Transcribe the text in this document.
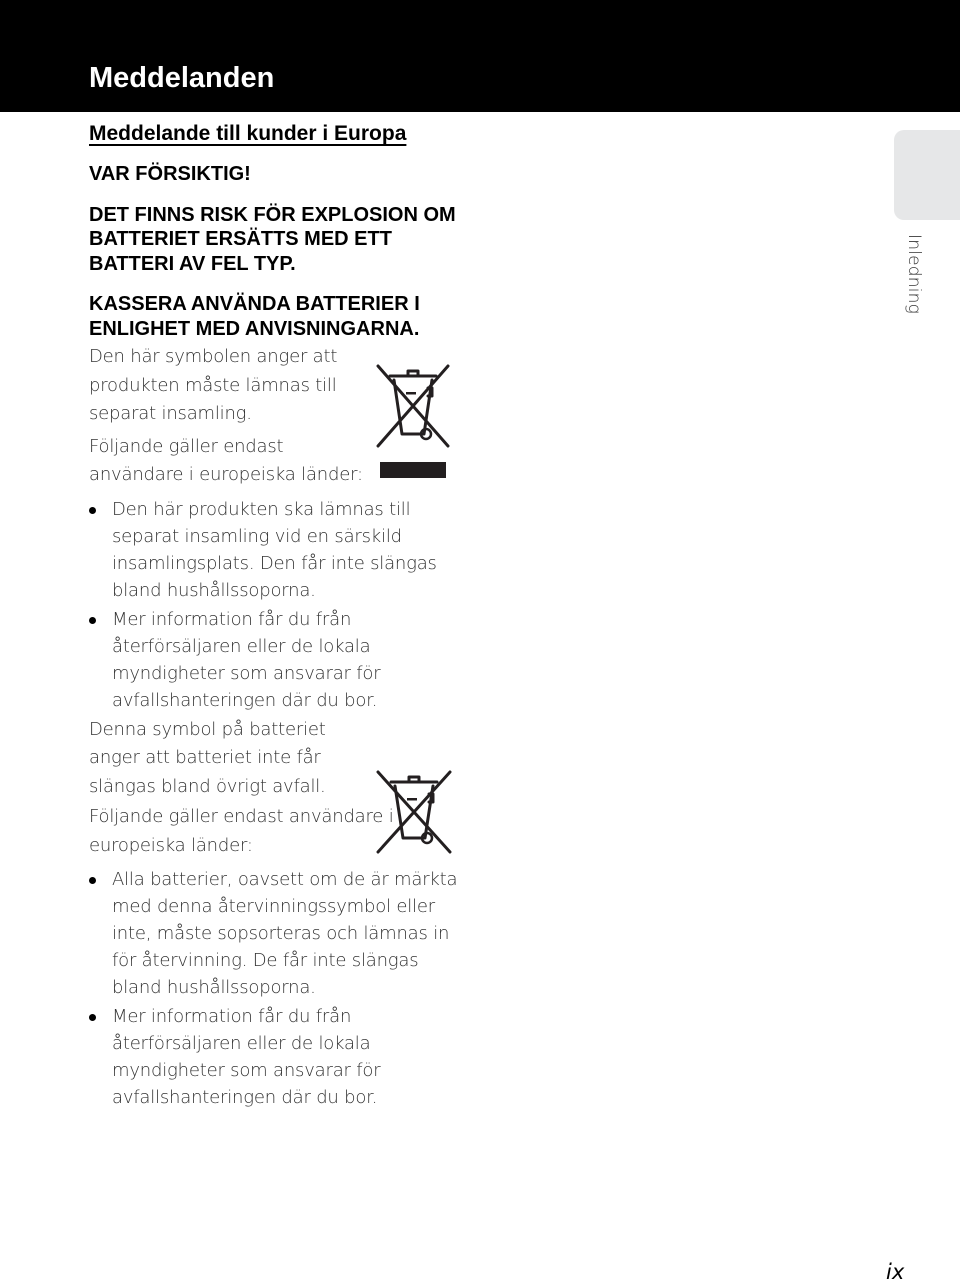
Meddelanden
Inledning

Meddelande till kunder i Europa

VAR FÖRSIKTIG!

DET FINNS RISK FÖR EXPLOSION OM BATTERIET ERSÄTTS MED ETT BATTERI AV FEL TYP.

KASSERA ANVÄNDA BATTERIER I ENLIGHET MED ANVISNINGARNA.

Den här symbolen anger att produkten måste lämnas till separat insamling.

Följande gäller endast användare i europeiska länder:

Den här produkten ska lämnas till separat insamling vid en särskild insamlingsplats. Den får inte slängas bland hushållssoporna.
Mer information får du från återförsäljaren eller de lokala myndigheter som ansvarar för avfallshanteringen där du bor.

Denna symbol på batteriet anger att batteriet inte får slängas bland övrigt avfall.

Följande gäller endast användare i europeiska länder:

Alla batterier, oavsett om de är märkta med denna återvinningssymbol eller inte, måste sopsorteras och lämnas in för återvinning. De får inte slängas bland hushållssoporna.
Mer information får du från återförsäljaren eller de lokala myndigheter som ansvarar för avfallshanteringen där du bor.
ix
